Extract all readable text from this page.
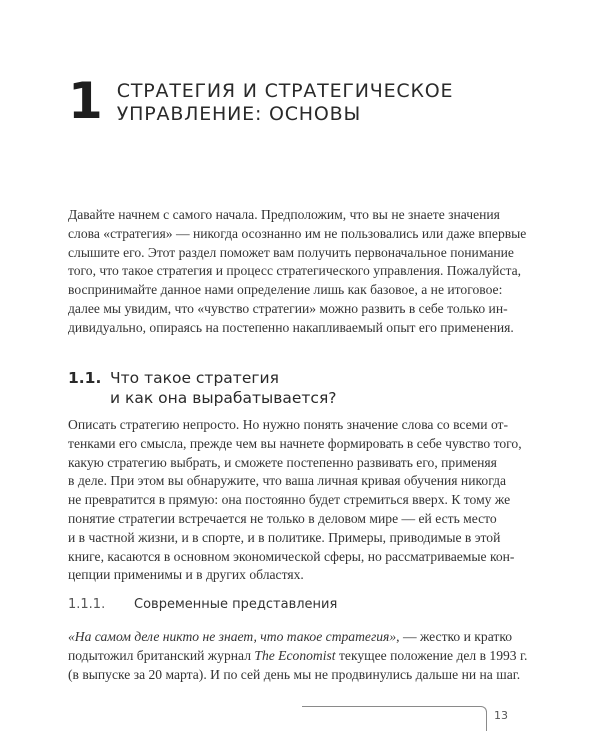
1 СТРАТЕГИЯ И СТРАТЕГИЧЕСКОЕ
УПРАВЛЕНИЕ: ОСНОВЫ
Давайте начнем с самого начала. Предположим, что вы не знаете значения
слова «стратегия» — никогда осознанно им не пользовались или даже впервые
слышите его. Этот раздел поможет вам получить первоначальное понимание
того, что такое стратегия и процесс стратегического управления. Пожалуйста,
воспринимайте данное нами определение лишь как базовое, а не итоговое:
далее мы увидим, что «чувство стратегии» можно развить в себе только ин-
дивидуально, опираясь на постепенно накапливаемый опыт его применения.
1.1. Что такое стратегия
и как она вырабатывается?
Описать стратегию непросто. Но нужно понять значение слова со всеми от-
тенками его смысла, прежде чем вы начнете формировать в себе чувство того,
какую стратегию выбрать, и сможете постепенно развивать его, применяя
в деле. При этом вы обнаружите, что ваша личная кривая обучения никогда
не превратится в прямую: она постоянно будет стремиться вверх. К тому же
понятие стратегии встречается не только в деловом мире — ей есть место
и в частной жизни, и в спорте, и в политике. Примеры, приводимые в этой
книге, касаются в основном экономической сферы, но рассматриваемые кон-
цепции применимы и в других областях.
1.1.1.	Современные представления
«На самом деле никто не знает, что такое стратегия», — жестко и кратко
подытожил британский журнал The Economist текущее положение дел в 1993 г.
(в выпуске за 20 марта). И по сей день мы не продвинулись дальше ни на шаг.
13
